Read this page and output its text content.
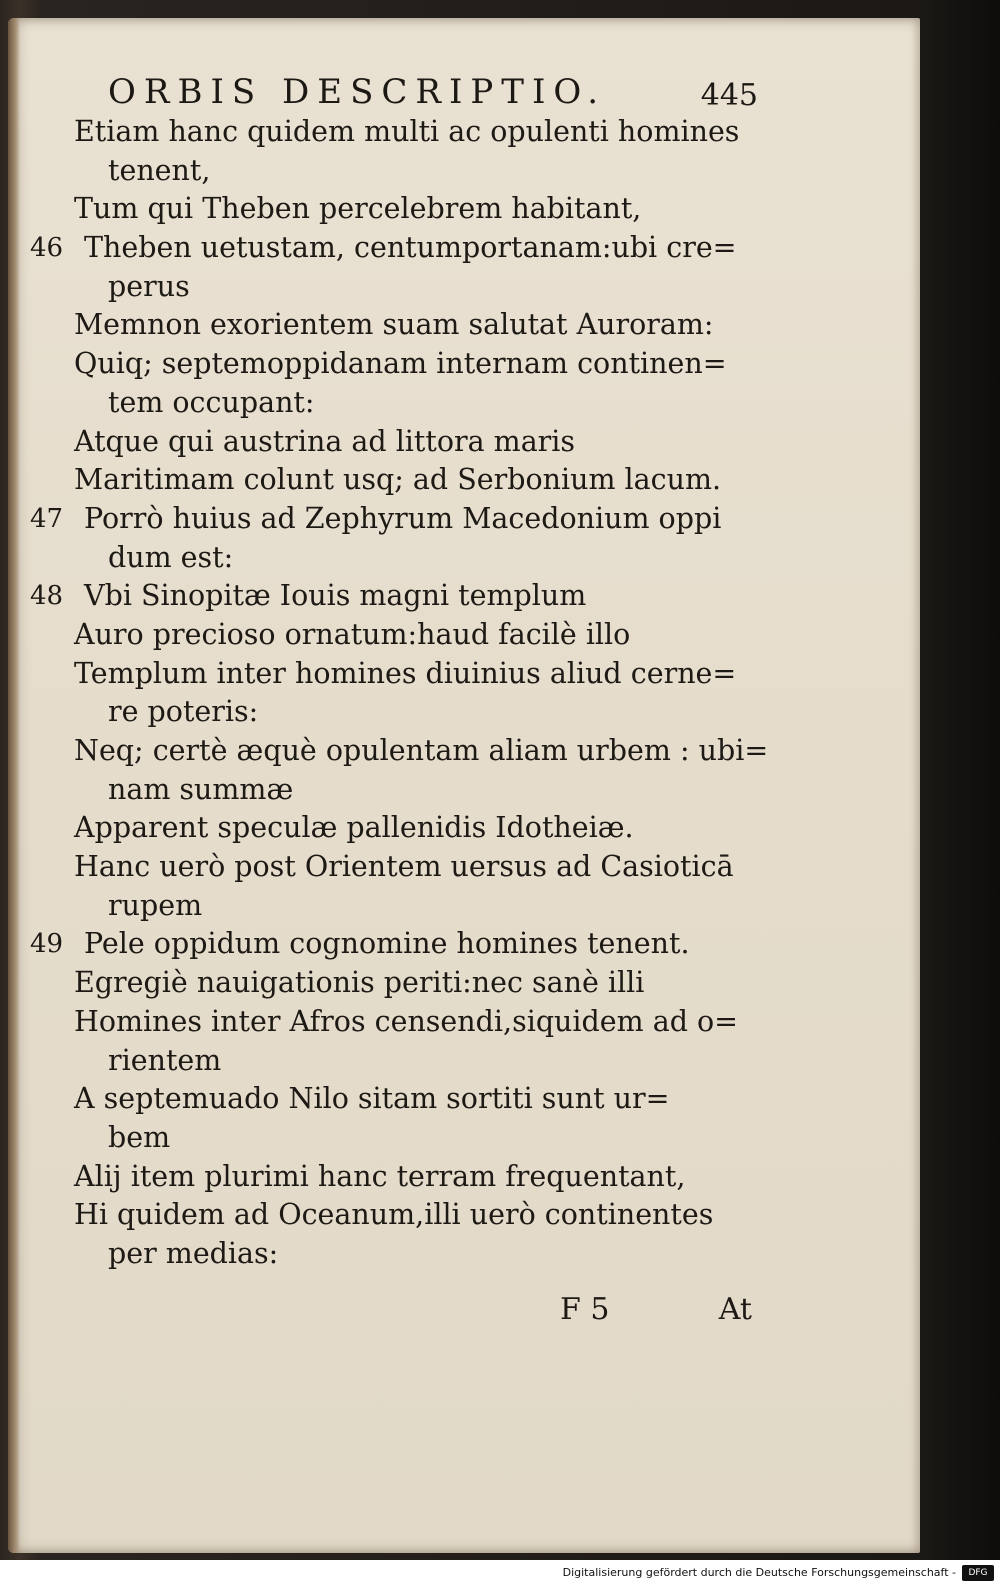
ORBIS DESCRIPTIO.	445
Etiam hanc quidem multi ac opulenti homines
tenent,
Tum qui Theben percelebrem habitant,
46 Theben uetustam, centumportanam:ubi cre=
perus
Memnon exorientem suam salutat Auroram:
Quiq; septemoppidanam internam continen=
tem occupant:
Atque qui austrina ad littora maris
Maritimam colunt usq; ad Serbonium lacum.
47 Porrò huius ad Zephyrum Macedonium oppi
dum est:
48 Vbi Sinopitæ Iouis magni templum
Auro precioso ornatum:haud facilè illo
Templum inter homines diuinius aliud cerne=
re poteris:
Neq; certè æquè opulentam aliam urbem : ubi=
nam summæ
Apparent speculæ pallenidis Idotheiæ.
Hanc uerò post Orientem uersus ad Casioticā
rupem
49 Pele oppidum cognomine homines tenent.
Egregiè nauigationis periti:nec sanè illi
Homines inter Afros censendi,siquidem ad o=
rientem
A septemuado Nilo sitam sortiti sunt ur=
bem
Alij item plurimi hanc terram frequentant,
Hi quidem ad Oceanum,illi uerò continentes
per medias:
F 5	At
Digitalisierung gefördert durch die Deutsche Forschungsgemeinschaft -	DFG
